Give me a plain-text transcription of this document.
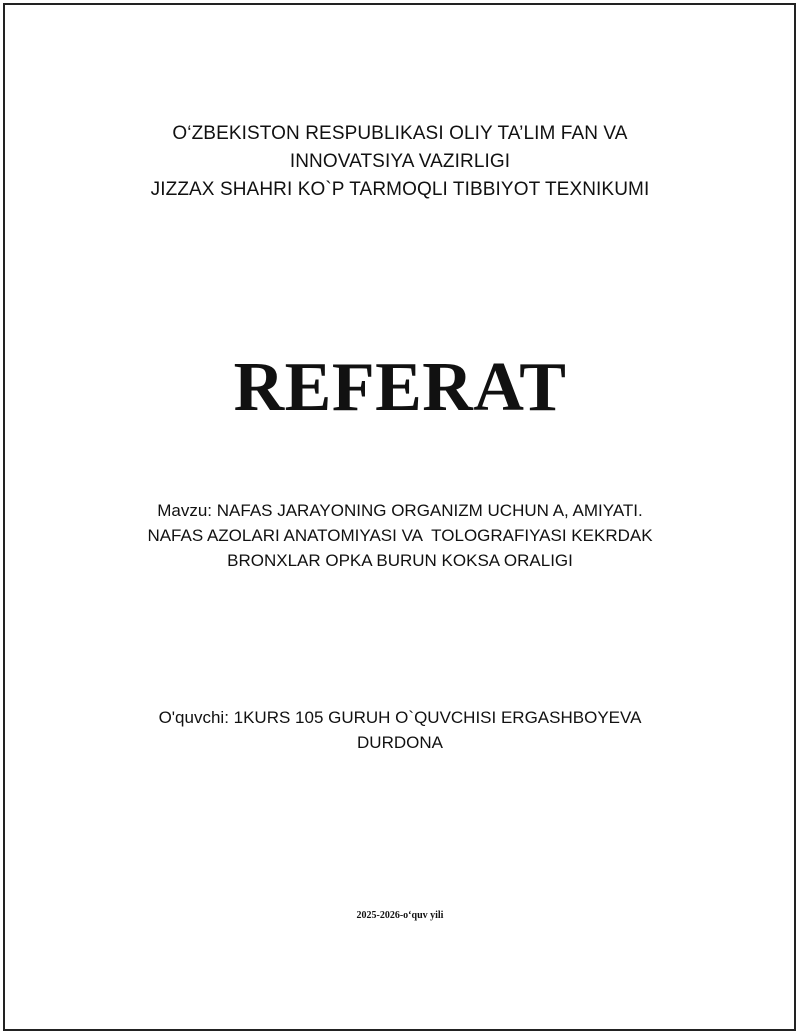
O‘ZBEKISTON RESPUBLIKASI OLIY TA’LIM FAN VA
INNOVATSIYA VAZIRLIGI
JIZZAX SHAHRI KO`P TARMOQLI TIBBIYOT TEXNIKUMI
REFERAT
Mavzu: NAFAS JARAYONING ORGANIZM UCHUN A, AMIYATI.
NAFAS AZOLARI ANATOMIYASI VA  TOLOGRAFIYASI KEKRDAK
BRONXLAR OPKA BURUN KOKSA ORALIGI
O'quvchi: 1KURS 105 GURUH O`QUVCHISI ERGASHBOYEVA
DURDONA
2025-2026-o‘quv yili
